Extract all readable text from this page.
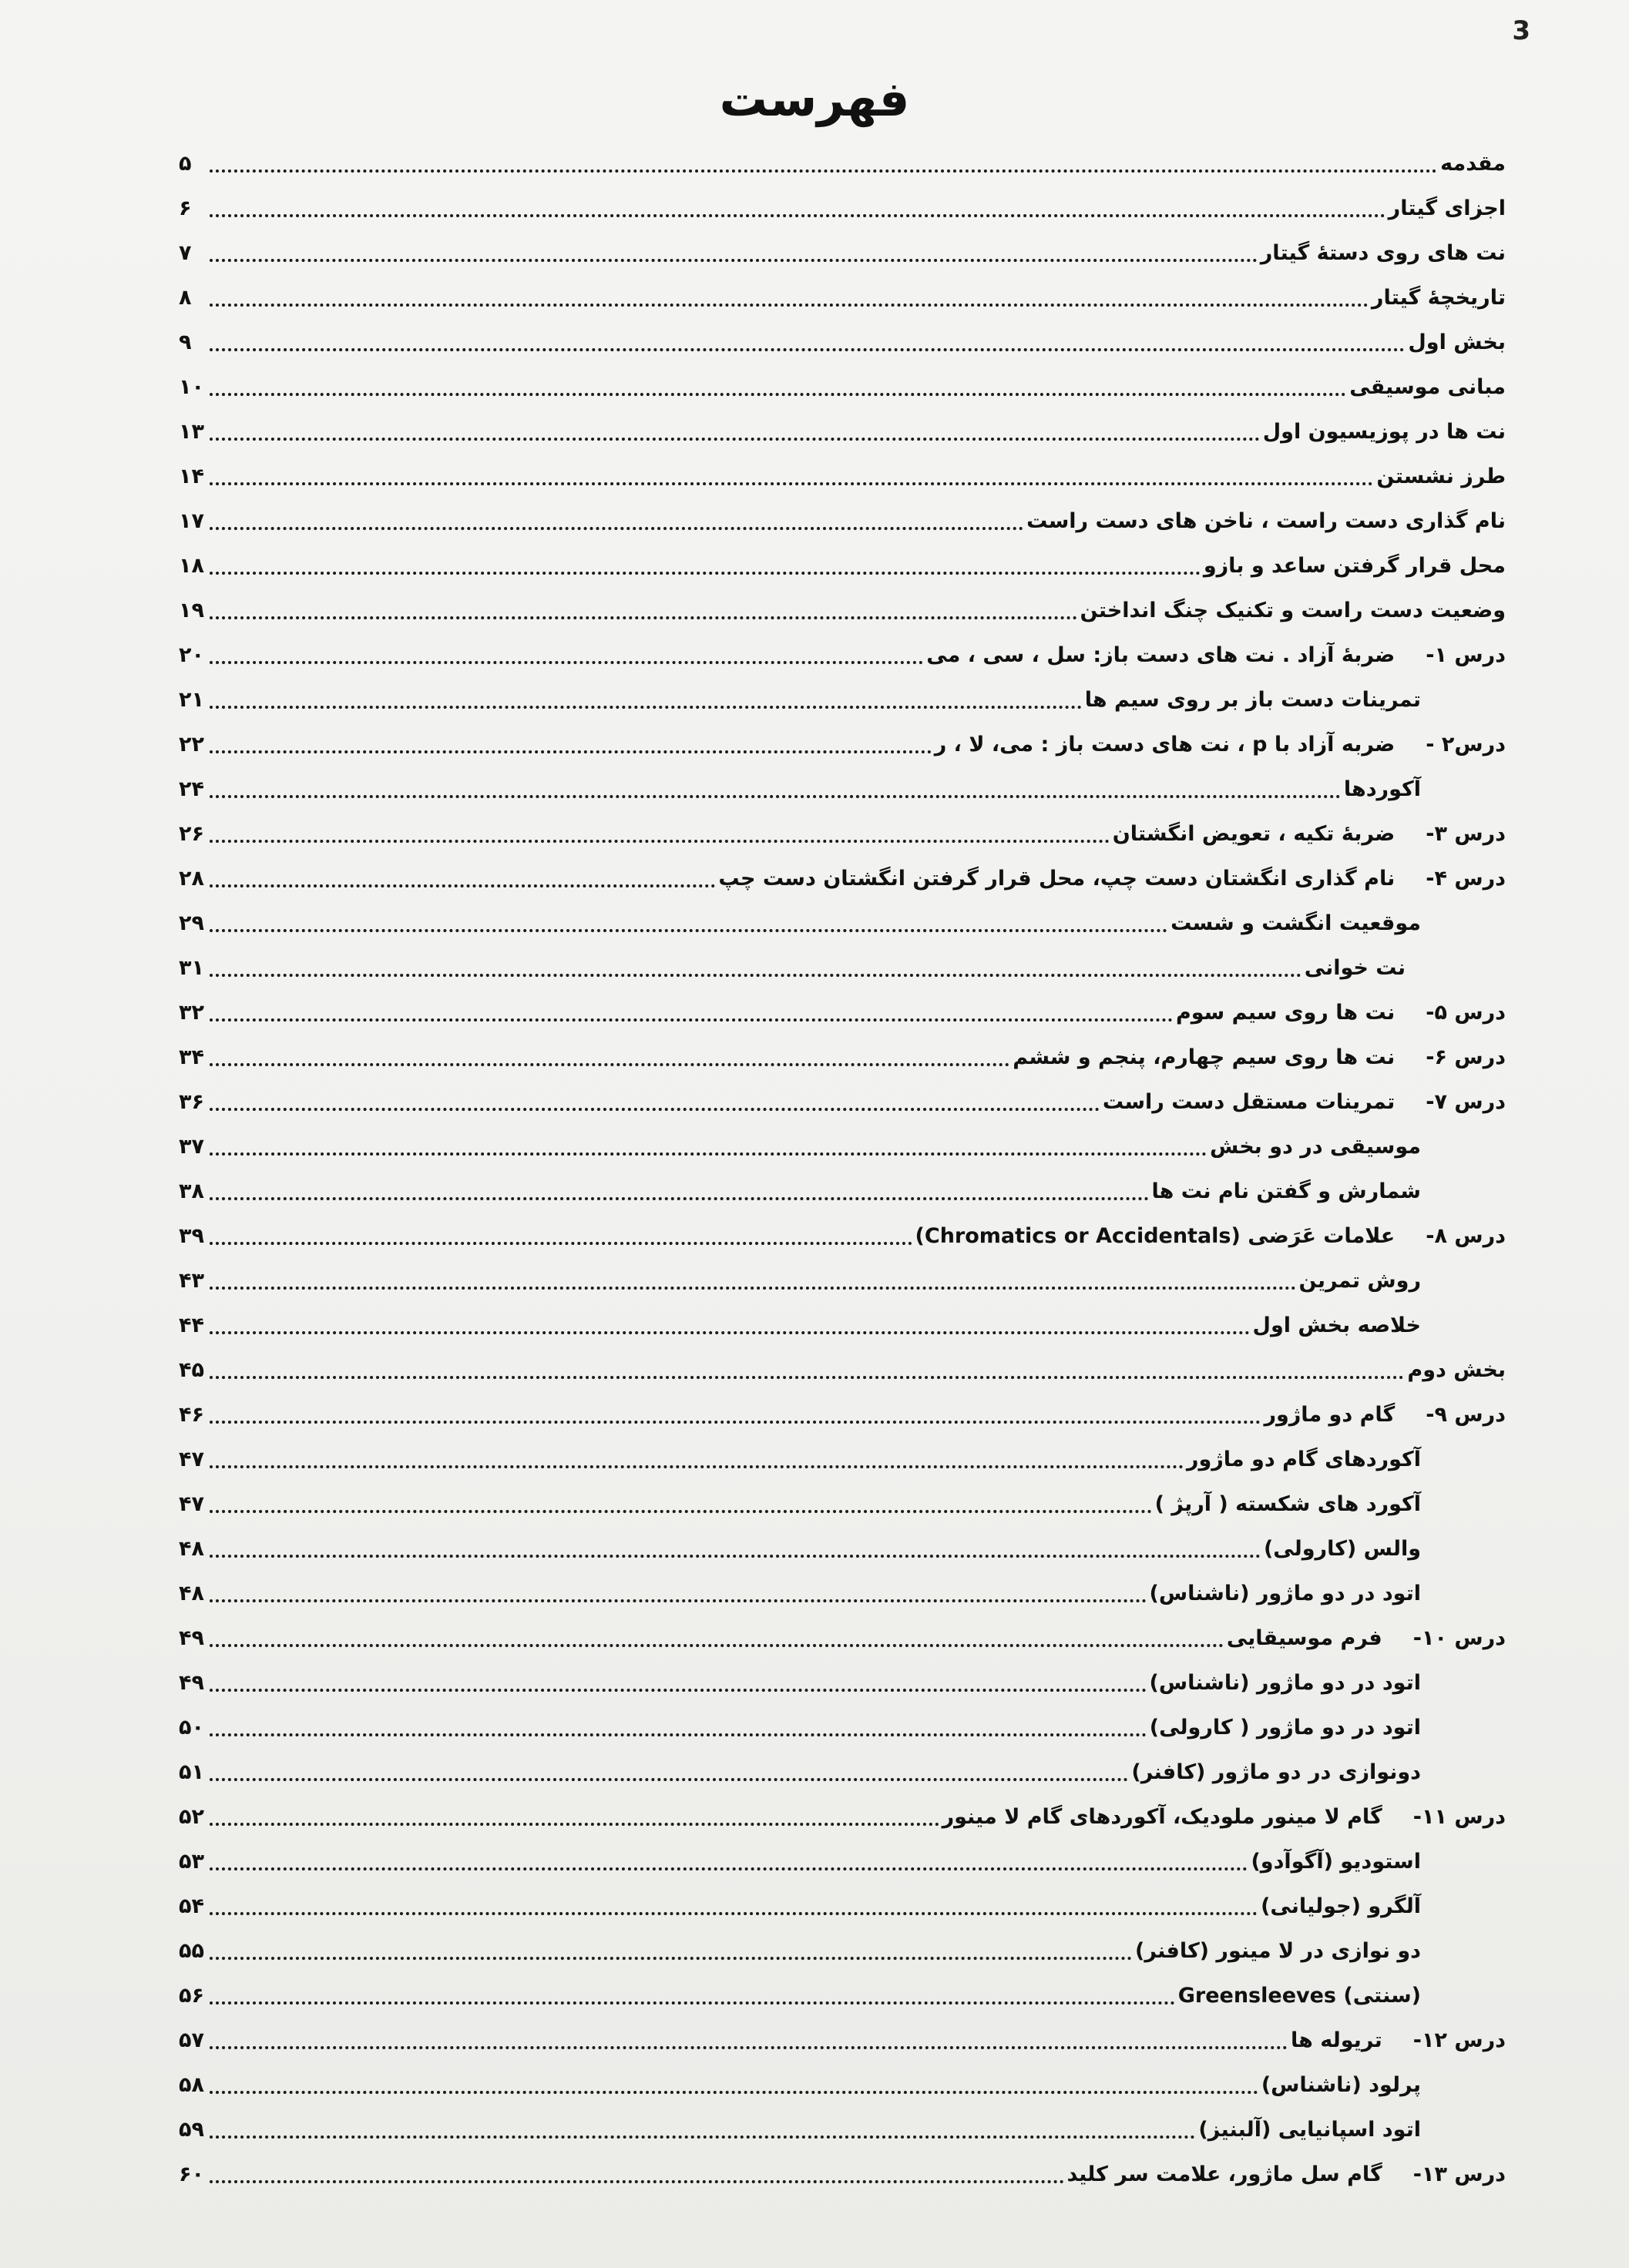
3
فهرست
مقدمه
۵
اجزای گیتار
۶
نت ‌های روی دستهٔ گیتار
۷
تاریخچهٔ گیتار
۸
بخش اول
۹
مبانی موسیقی
۱۰
نت ها در پوزیسیون اول
۱۳
طرز نشستن
۱۴
نام گذاری دست راست ، ناخن های دست راست
۱۷
محل قرار گرفتن ساعد و بازو
۱۸
وضعیت دست راست و تکنیک چنگ انداختن
۱۹
درس ۱-ضربهٔ آزاد . نت های دست باز: سل ، سی ، می
۲۰
تمرینات دست باز بر روی سیم ها
۲۱
درس۲ -ضربه آزاد با p ، نت های دست باز : می، لا ، ر
۲۲
آکوردها
۲۴
درس ۳-ضربهٔ تکیه ، تعویض انگشتان
۲۶
درس ۴-نام گذاری انگشتان دست چپ، محل قرار گرفتن انگشتان دست چپ
۲۸
موقعیت انگشت و شست
۲۹
نت خوانی
۳۱
درس ۵-نت ها روی سیم سوم
۳۲
درس ۶-نت ها روی سیم چهارم، پنجم و ششم
۳۴
درس ۷-تمرینات مستقل دست راست
۳۶
موسیقی در دو بخش
۳۷
شمارش و گفتن نام نت ها
۳۸
درس ۸-علامات عَرَضی (Chromatics or Accidentals)
۳۹
روش تمرین
۴۳
خلاصه بخش اول
۴۴
بخش دوم
۴۵
درس ۹-گام دو ماژور
۴۶
آکوردهای گام دو ماژور
۴۷
آکورد های شکسته ( آرپژ )
۴۷
والس (کارولی)
۴۸
اتود در دو ماژور (ناشناس)
۴۸
درس ۱۰-فرم موسیقایی
۴۹
اتود در دو ماژور (ناشناس)
۴۹
اتود در دو ماژور ( کارولی)
۵۰
دونوازی در دو ماژور (کافنر)
۵۱
درس ۱۱-گام لا مینور ملودیک، آکوردهای گام لا مینور
۵۲
استودیو (آگوآدو)
۵۳
آلگرو (جولیانی)
۵۴
دو نوازی در لا مینور (کافنر)
۵۵
Greensleeves (سنتی)
۵۶
درس ۱۲-تریوله ها
۵۷
پرلود (ناشناس)
۵۸
اتود اسپانیایی (آلبنیز)
۵۹
درس ۱۳-گام سل ماژور، علامت سر کلید
۶۰
